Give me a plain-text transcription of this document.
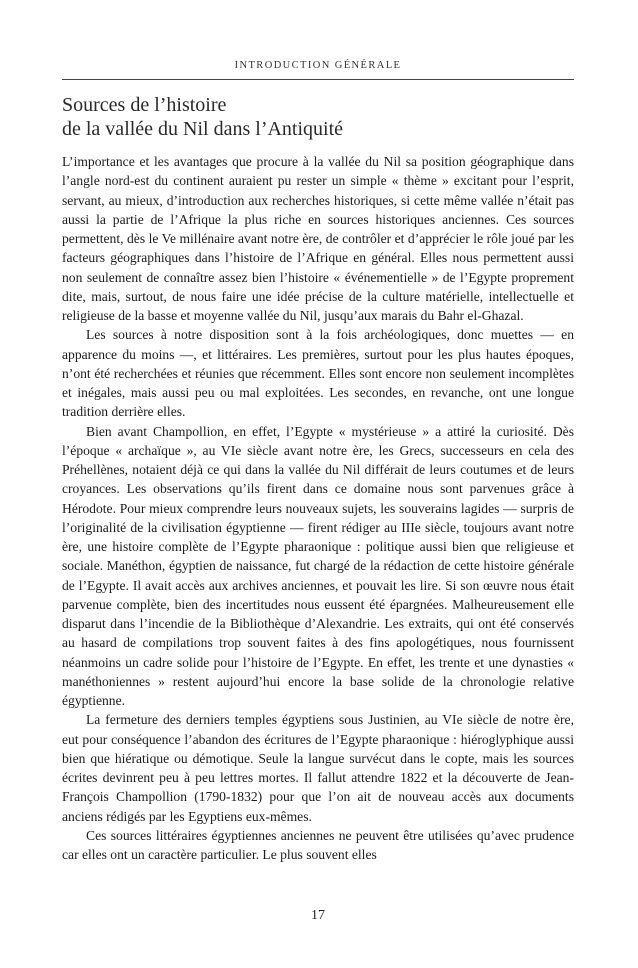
INTRODUCTION GÉNÉRALE
Sources de l’histoire
de la vallée du Nil dans l’Antiquité

L’importance et les avantages que procure à la vallée du Nil sa position géographique dans l’angle nord-est du continent auraient pu rester un simple « thème » excitant pour l’esprit, servant, au mieux, d’introduction aux recherches historiques, si cette même vallée n’était pas aussi la partie de l’Afrique la plus riche en sources historiques anciennes. Ces sources permettent, dès le Ve millénaire avant notre ère, de contrôler et d’apprécier le rôle joué par les facteurs géographiques dans l’histoire de l’Afrique en général. Elles nous permettent aussi non seulement de connaître assez bien l’histoire « événementielle » de l’Egypte proprement dite, mais, surtout, de nous faire une idée précise de la culture matérielle, intellectuelle et religieuse de la basse et moyenne vallée du Nil, jusqu’aux marais du Bahr el-Ghazal.

Les sources à notre disposition sont à la fois archéologiques, donc muettes — en apparence du moins —, et littéraires. Les premières, surtout pour les plus hautes époques, n’ont été recherchées et réunies que récemment. Elles sont encore non seulement incomplètes et inégales, mais aussi peu ou mal exploitées. Les secondes, en revanche, ont une longue tradition derrière elles.

Bien avant Champollion, en effet, l’Egypte « mystérieuse » a attiré la curiosité. Dès l’époque « archaïque », au VIe siècle avant notre ère, les Grecs, successeurs en cela des Préhellènes, notaient déjà ce qui dans la vallée du Nil différait de leurs coutumes et de leurs croyances. Les observations qu’ils firent dans ce domaine nous sont parvenues grâce à Hérodote. Pour mieux comprendre leurs nouveaux sujets, les souverains lagides — surpris de l’originalité de la civilisation égyptienne — firent rédiger au IIIe siècle, toujours avant notre ère, une histoire complète de l’Egypte pharaonique : politique aussi bien que religieuse et sociale. Manéthon, égyptien de naissance, fut chargé de la rédaction de cette histoire générale de l’Egypte. Il avait accès aux archives anciennes, et pouvait les lire. Si son œuvre nous était parvenue complète, bien des incertitudes nous eussent été épargnées. Malheureusement elle disparut dans l’incendie de la Bibliothèque d’Alexandrie. Les extraits, qui ont été conservés au hasard de compilations trop souvent faites à des fins apologétiques, nous fournissent néanmoins un cadre solide pour l’histoire de l’Egypte. En effet, les trente et une dynasties « manéthoniennes » restent aujourd’hui encore la base solide de la chronologie relative égyptienne.

La fermeture des derniers temples égyptiens sous Justinien, au VIe siècle de notre ère, eut pour conséquence l’abandon des écritures de l’Egypte pharaonique : hiéroglyphique aussi bien que hiératique ou démotique. Seule la langue survécut dans le copte, mais les sources écrites devinrent peu à peu lettres mortes. Il fallut attendre 1822 et la découverte de Jean-François Champollion (1790-1832) pour que l’on ait de nouveau accès aux documents anciens rédigés par les Egyptiens eux-mêmes.

Ces sources littéraires égyptiennes anciennes ne peuvent être utilisées qu’avec prudence car elles ont un caractère particulier. Le plus souvent elles

17
